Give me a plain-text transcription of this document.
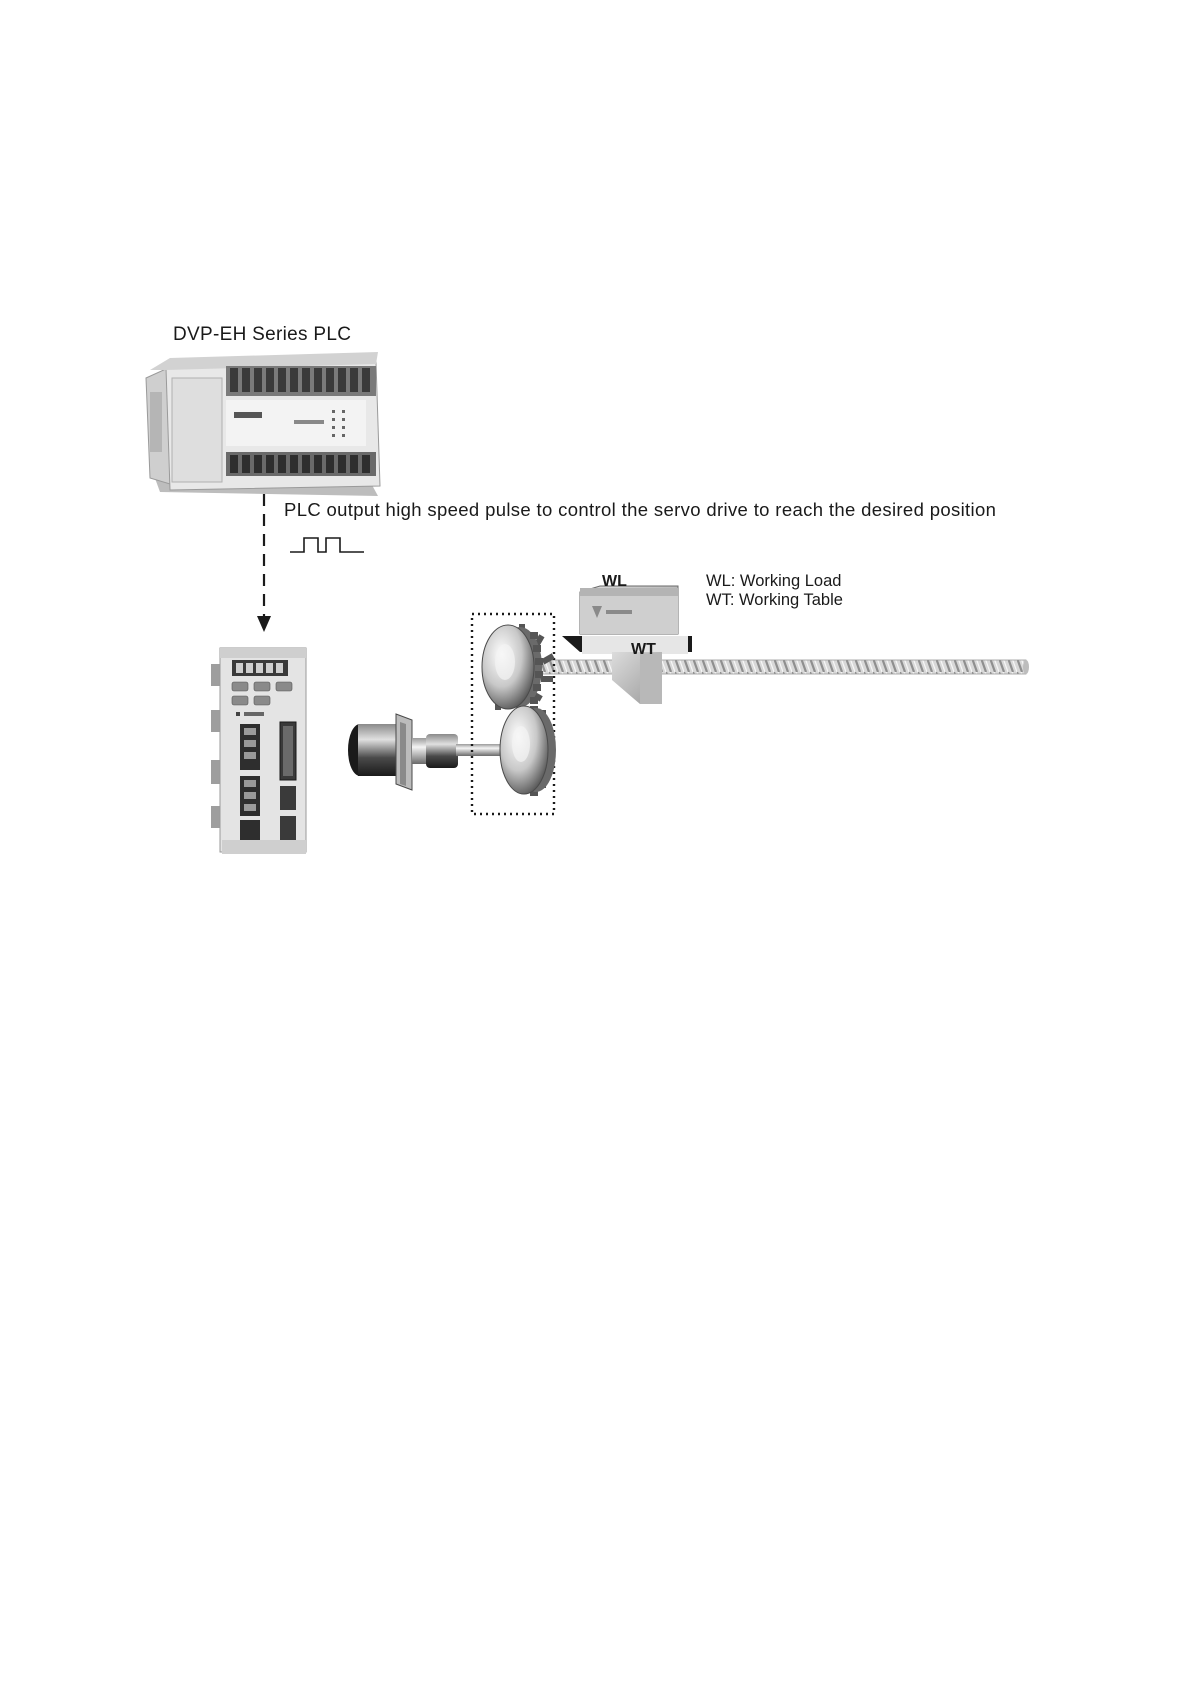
DVP-EH Series PLC
PLC output high speed pulse to control the servo drive to reach the desired position
WL
WT
WL: Working Load
WT: Working Table
